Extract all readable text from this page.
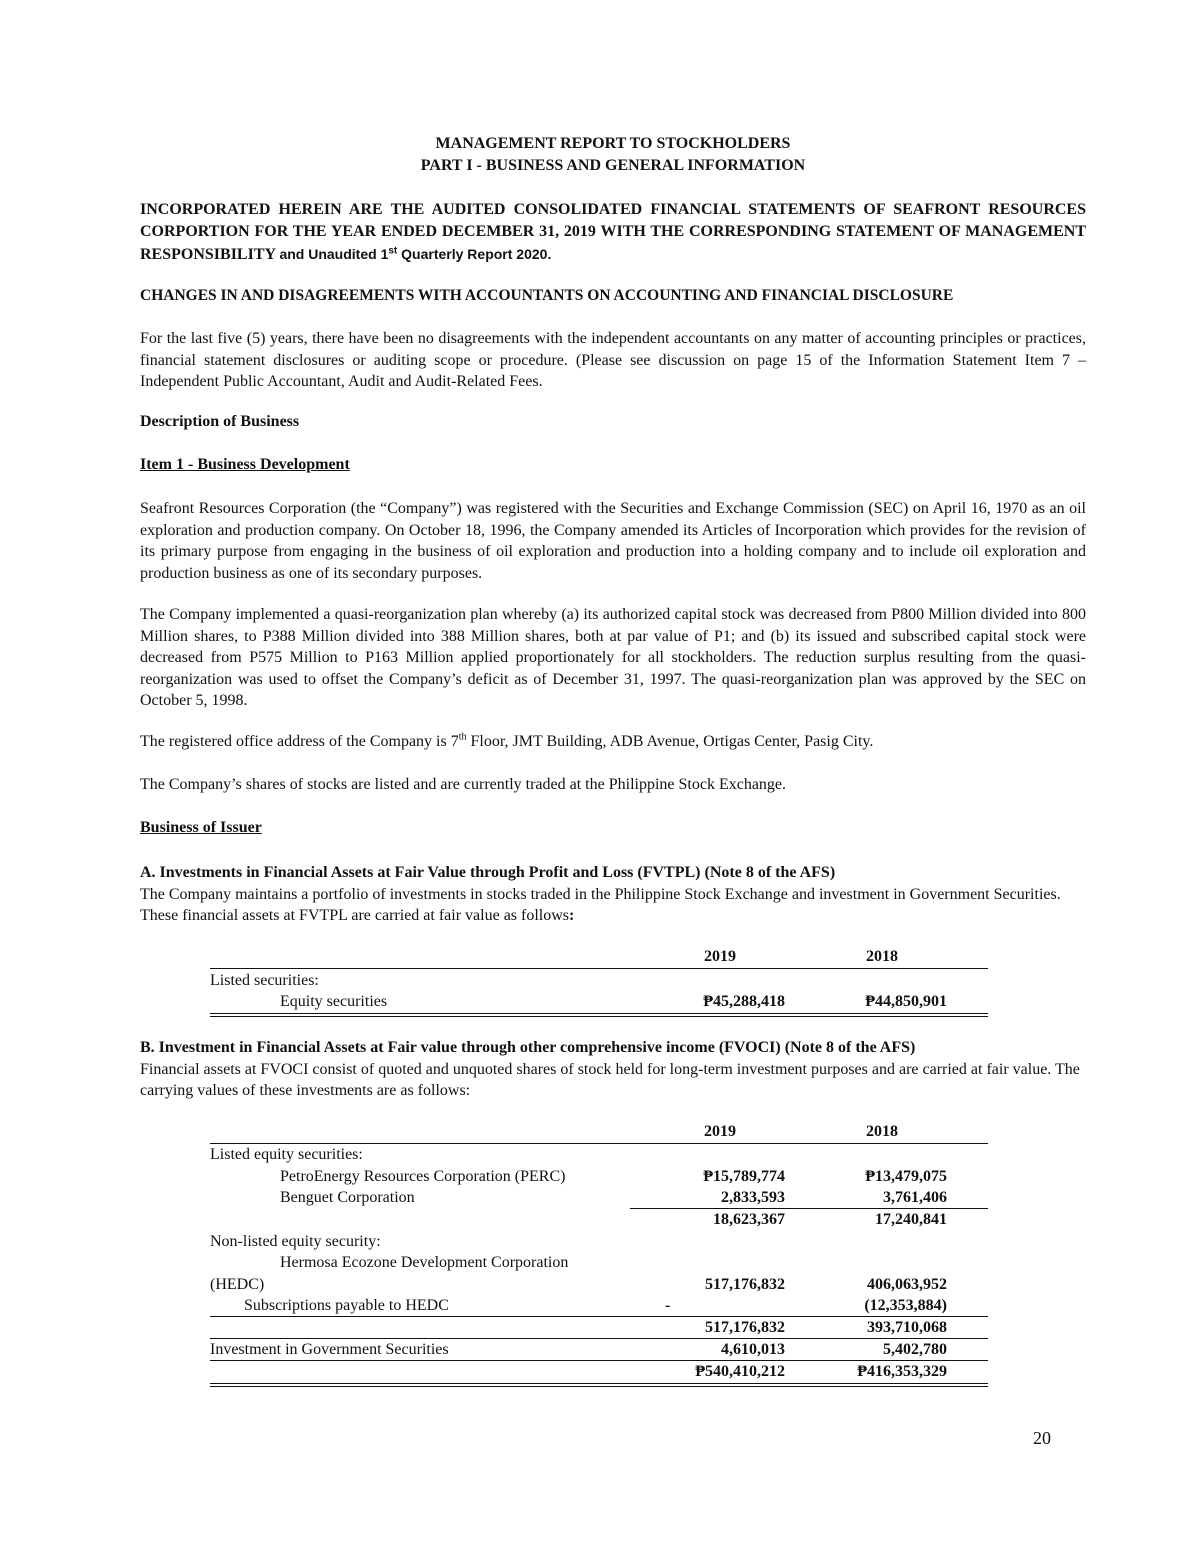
MANAGEMENT REPORT TO STOCKHOLDERS
PART I - BUSINESS AND GENERAL INFORMATION
INCORPORATED HEREIN ARE THE AUDITED CONSOLIDATED FINANCIAL STATEMENTS OF SEAFRONT RESOURCES CORPORTION FOR THE YEAR ENDED DECEMBER 31, 2019 WITH THE CORRESPONDING STATEMENT OF MANAGEMENT RESPONSIBILITY and Unaudited 1st Quarterly Report 2020.
CHANGES IN AND DISAGREEMENTS WITH ACCOUNTANTS ON ACCOUNTING AND FINANCIAL DISCLOSURE
For the last five (5) years, there have been no disagreements with the independent accountants on any matter of accounting principles or practices, financial statement disclosures or auditing scope or procedure. (Please see discussion on page 15 of the Information Statement Item 7 – Independent Public Accountant, Audit and Audit-Related Fees.
Description of Business
Item 1 - Business Development
Seafront Resources Corporation (the “Company”) was registered with the Securities and Exchange Commission (SEC) on April 16, 1970 as an oil exploration and production company. On October 18, 1996, the Company amended its Articles of Incorporation which provides for the revision of its primary purpose from engaging in the business of oil exploration and production into a holding company and to include oil exploration and production business as one of its secondary purposes.
The Company implemented a quasi-reorganization plan whereby (a) its authorized capital stock was decreased from P800 Million divided into 800 Million shares, to P388 Million divided into 388 Million shares, both at par value of P1; and (b) its issued and subscribed capital stock were decreased from P575 Million to P163 Million applied proportionately for all stockholders. The reduction surplus resulting from the quasi-reorganization was used to offset the Company’s deficit as of December 31, 1997. The quasi-reorganization plan was approved by the SEC on October 5, 1998.
The registered office address of the Company is 7th Floor, JMT Building, ADB Avenue, Ortigas Center, Pasig City.
The Company’s shares of stocks are listed and are currently traded at the Philippine Stock Exchange.
Business of Issuer
A. Investments in Financial Assets at Fair Value through Profit and Loss (FVTPL) (Note 8 of the AFS)
The Company maintains a portfolio of investments in stocks traded in the Philippine Stock Exchange and investment in Government Securities. These financial assets at FVTPL are carried at fair value as follows:
2019	2018
Listed securities:
Equity securities	₱45,288,418	₱44,850,901
B. Investment in Financial Assets at Fair value through other comprehensive income (FVOCI) (Note 8 of the AFS)
Financial assets at FVOCI consist of quoted and unquoted shares of stock held for long-term investment purposes and are carried at fair value. The carrying values of these investments are as follows:
2019	2018
Listed equity securities:
PetroEnergy Resources Corporation (PERC)	₱15,789,774	₱13,479,075
Benguet Corporation	2,833,593	3,761,406
18,623,367	17,240,841
Non-listed equity security:
Hermosa Ecozone Development Corporation
(HEDC)	517,176,832	406,063,952
Subscriptions payable to HEDC	-	(12,353,884)
517,176,832	393,710,068
Investment in Government Securities	4,610,013	5,402,780
₱540,410,212	₱416,353,329
20
